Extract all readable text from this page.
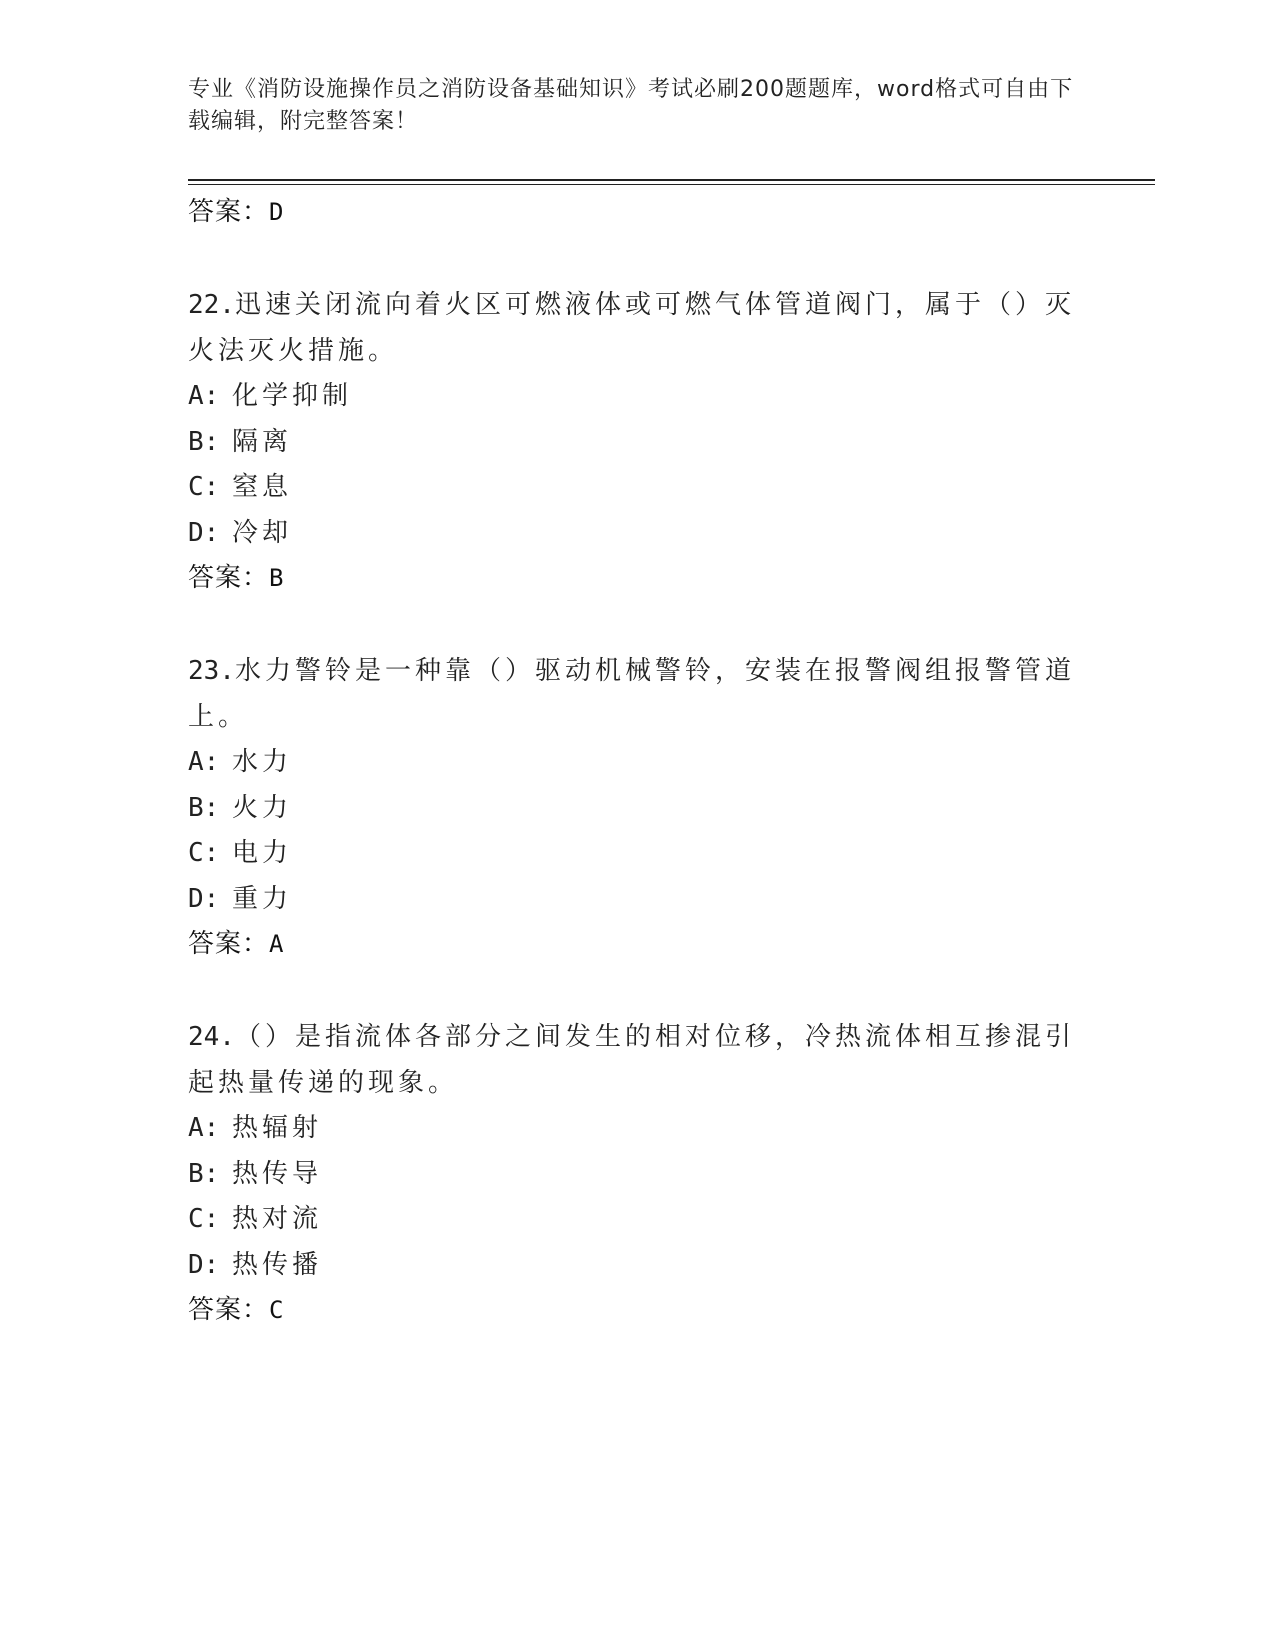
专业《消防设施操作员之消防设备基础知识》考试必刷200题题库，word格式可自由下载编辑，附完整答案！
答案：D
22.迅速关闭流向着火区可燃液体或可燃气体管道阀门，属于（）灭火法灭火措施。
A: 化学抑制
B: 隔离
C: 窒息
D: 冷却
答案：B
23.水力警铃是一种靠（）驱动机械警铃，安装在报警阀组报警管道上。
A: 水力
B: 火力
C: 电力
D: 重力
答案：A
24.（）是指流体各部分之间发生的相对位移，冷热流体相互掺混引起热量传递的现象。
A: 热辐射
B: 热传导
C: 热对流
D: 热传播
答案：C
